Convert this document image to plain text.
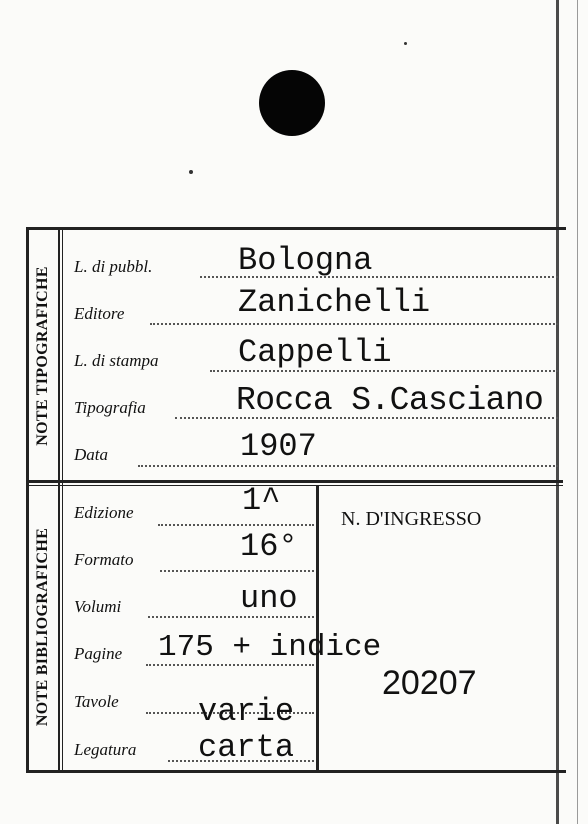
NOTE TIPOGRAFICHE
NOTE BIBLIOGRAFICHE
L. di pubbl.	Bologna
Editore	Zanichelli
L. di stampa Cappelli
Tipografia	Rocca S.Casciano
Data	1907
Edizione	1^
Formato	16°
Volumi	uno
Pagine 175 + indice
Tavole varie
Legatura carta
N. D'INGRESSO
20207
